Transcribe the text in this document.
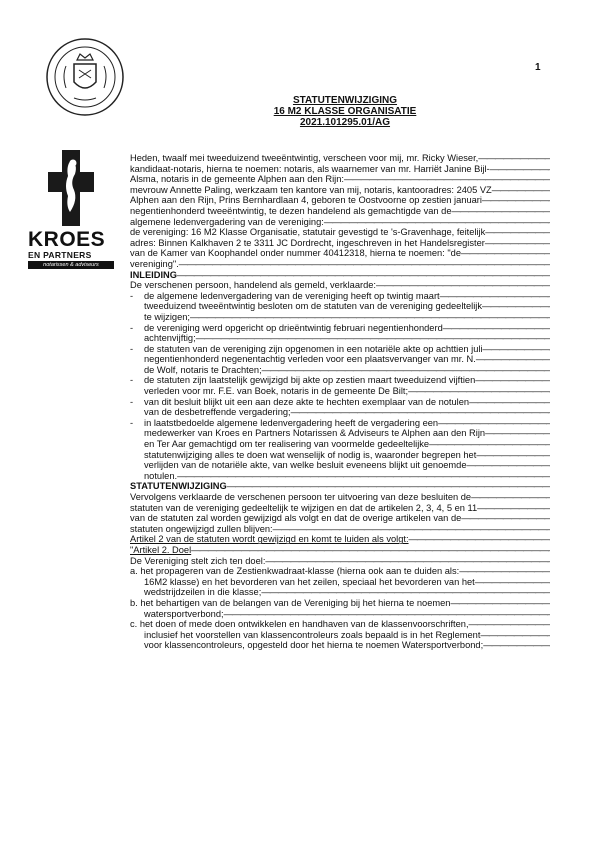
1
STATUTENWIJZIGING
16 M2 KLASSE ORGANISATIE
2021.101295.01/AG
KROES
EN PARTNERS
notarissen & adviseurs
Heden, twaalf mei tweeduizend tweeëntwintig, verscheen voor mij, mr. Ricky Wieser, —————
kandidaat-notaris, hierna te noemen: notaris, als waarnemer van mr. Harriët Janine Bijl- —————
Alsma, notaris in de gemeente Alphen aan den Rijn: —————
mevrouw Annette Paling, werkzaam ten kantore van mij, notaris, kantooradres: 2405 VZ —————
Alphen aan den Rijn, Prins Bernhardlaan 4, geboren te Oostvoorne op zestien januari —————
negentienhonderd tweeëntwintig, te dezen handelend als gemachtigde van de —————
algemene ledenvergadering van de vereniging: —————
de vereniging: 16 M2 Klasse Organisatie, statutair gevestigd te 's-Gravenhage, feitelijk —————
adres: Binnen Kalkhaven 2 te 3311 JC Dordrecht, ingeschreven in het Handelsregister —————
van de Kamer van Koophandel onder nummer 40412318, hierna te noemen: "de —————
vereniging". —————
INLEIDING —————
De verschenen persoon, handelend als gemeld, verklaarde: —————
- de algemene ledenvergadering van de vereniging heeft op twintig maart —————
tweeduizend tweeëntwintig besloten om de statuten van de vereniging gedeeltelijk —————
te wijzigen; —————
- de vereniging werd opgericht op drieëntwintig februari negentienhonderd —————
achtenvijftig; —————
- de statuten van de vereniging zijn opgenomen in een notariële akte op achttien juli —————
negentienhonderd negenentachtig verleden voor een plaatsvervanger van mr. N. —————
de Wolf, notaris te Drachten; —————
- de statuten zijn laatstelijk gewijzigd bij akte op zestien maart tweeduizend vijftien —————
verleden voor mr. F.E. van Boek, notaris in de gemeente De Bilt; —————
- van dit besluit blijkt uit een aan deze akte te hechten exemplaar van de notulen —————
van de desbetreffende vergadering; —————
- in laatstbedoelde algemene ledenvergadering heeft de vergadering een —————
medewerker van Kroes en Partners Notarissen & Adviseurs te Alphen aan den Rijn —————
en Ter Aar gemachtigd om ter realisering van voormelde gedeeltelijke —————
statutenwijziging alles te doen wat wenselijk of nodig is, waaronder begrepen het —————
verlijden van de notariële akte, van welke besluit eveneens blijkt uit genoemde —————
notulen. —————
STATUTENWIJZIGING —————
Vervolgens verklaarde de verschenen persoon ter uitvoering van deze besluiten de —————
statuten van de vereniging gedeeltelijk te wijzigen en dat de artikelen 2, 3, 4, 5 en 11 —————
van de statuten zal worden gewijzigd als volgt en dat de overige artikelen van de —————
statuten ongewijzigd zullen blijven: —————
Artikel 2 van de statuten wordt gewijzigd en komt te luiden als volgt: —————
"Artikel 2. Doel —————
De Vereniging stelt zich ten doel: —————
a. het propageren van de Zestienkwadraat-klasse (hierna ook aan te duiden als: —————
16M2 klasse) en het bevorderen van het zeilen, speciaal het bevorderen van het —————
wedstrijdzeilen in die klasse; —————
b. het behartigen van de belangen van de Vereniging bij het hierna te noemen —————
watersportverbond; —————
c. het doen of mede doen ontwikkelen en handhaven van de klassenvoorschriften, —————
inclusief het voorstellen van klassencontroleurs zoals bepaald is in het Reglement —————
voor klassencontroleurs, opgesteld door het hierna te noemen Watersportverbond; —————
